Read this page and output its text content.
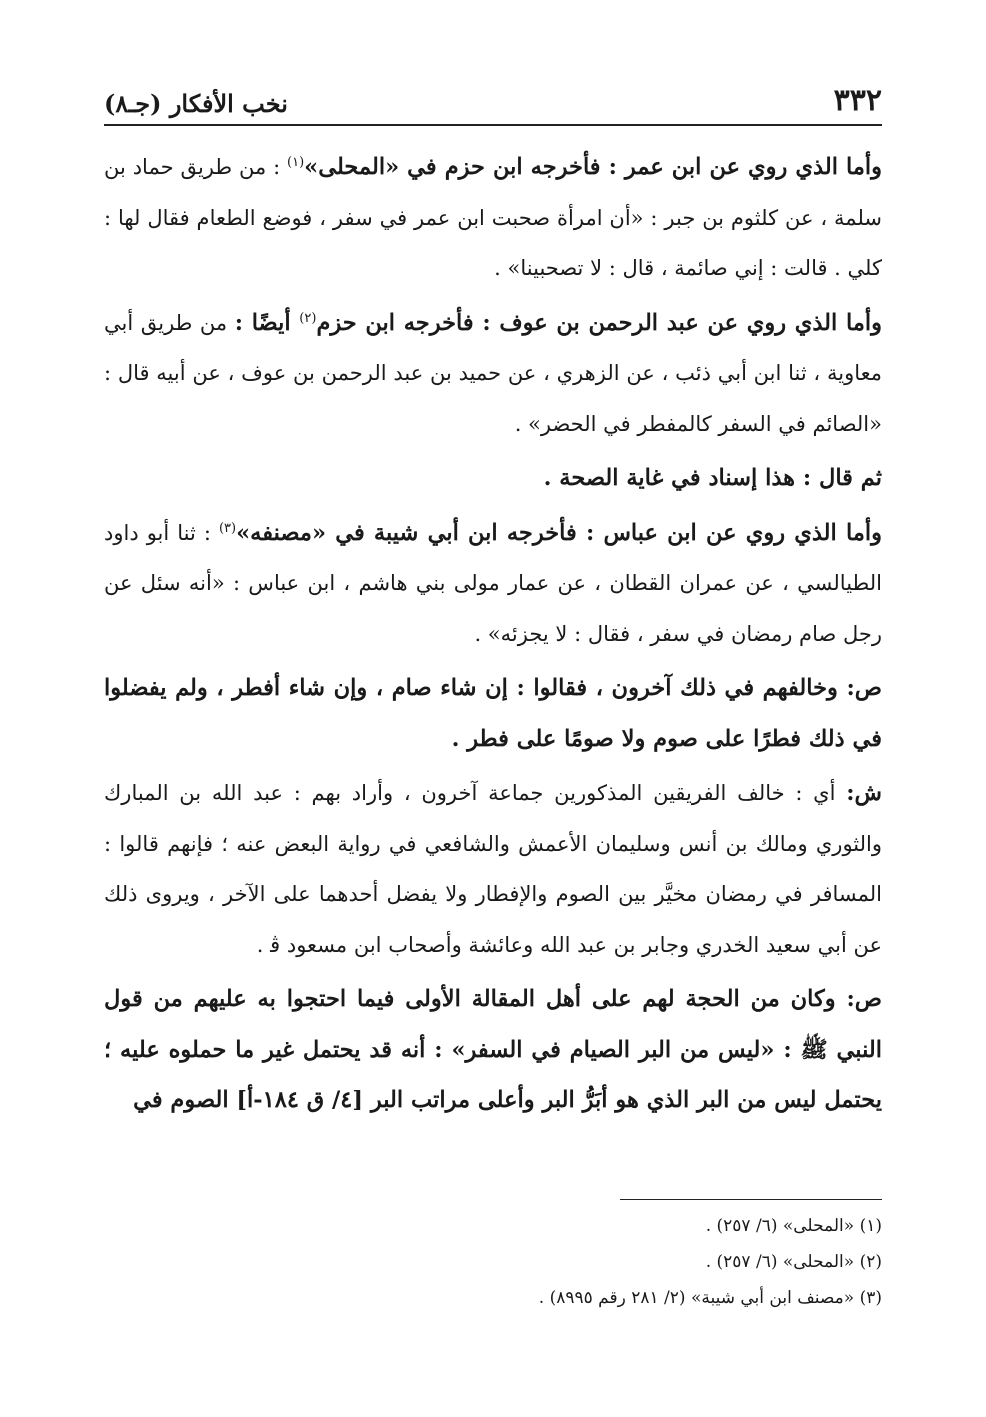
٣٣٢
نخب الأفكار (جـ٨)

وأما الذي روي عن ابن عمر : فأخرجه ابن حزم في «المحلى»$^{(١)}$ : من طريق حماد بن سلمة ، عن كلثوم بن جبر : «أن امرأة صحبت ابن عمر في سفر ، فوضع الطعام فقال لها : كلي . قالت : إني صائمة ، قال : لا تصحبينا» .

وأما الذي روي عن عبد الرحمن بن عوف : فأخرجه ابن حزم$^{(٢)}$ أيضًا : من طريق أبي معاوية ، ثنا ابن أبي ذئب ، عن الزهري ، عن حميد بن عبد الرحمن بن عوف ، عن أبيه قال : «الصائم في السفر كالمفطر في الحضر» .

ثم قال : هذا إسناد في غاية الصحة .

وأما الذي روي عن ابن عباس : فأخرجه ابن أبي شيبة في «مصنفه»$^{(٣)}$ : ثنا أبو داود الطيالسي ، عن عمران القطان ، عن عمار مولى بني هاشم ، ابن عباس : «أنه سئل عن رجل صام رمضان في سفر ، فقال : لا يجزئه» .

ص: وخالفهم في ذلك آخرون ، فقالوا : إن شاء صام ، وإن شاء أفطر ، ولم يفضلوا في ذلك فطرًا على صوم ولا صومًا على فطر .

ش: أي : خالف الفريقين المذكورين جماعة آخرون ، وأراد بهم : عبد الله بن المبارك والثوري ومالك بن أنس وسليمان الأعمش والشافعي في رواية البعض عنه ؛ فإنهم قالوا : المسافر في رمضان مخيَّر بين الصوم والإفطار ولا يفضل أحدهما على الآخر ، ويروى ذلك عن أبي سعيد الخدري وجابر بن عبد الله وعائشة وأصحاب ابن مسعود ﭬ .

ص: وكان من الحجة لهم على أهل المقالة الأولى فيما احتجوا به عليهم من قول النبي ﷺ : «ليس من البر الصيام في السفر» : أنه قد يحتمل غير ما حملوه عليه ؛ يحتمل ليس من البر الذي هو أبَرُّ البر وأعلى مراتب البر [٤/ ق ١٨٤-أ] الصوم في

(١) «المحلى» (٦/ ٢٥٧) .

(٢) «المحلى» (٦/ ٢٥٧) .

(٣) «مصنف ابن أبي شيبة» (٢/ ٢٨١ رقم ٨٩٩٥) .
